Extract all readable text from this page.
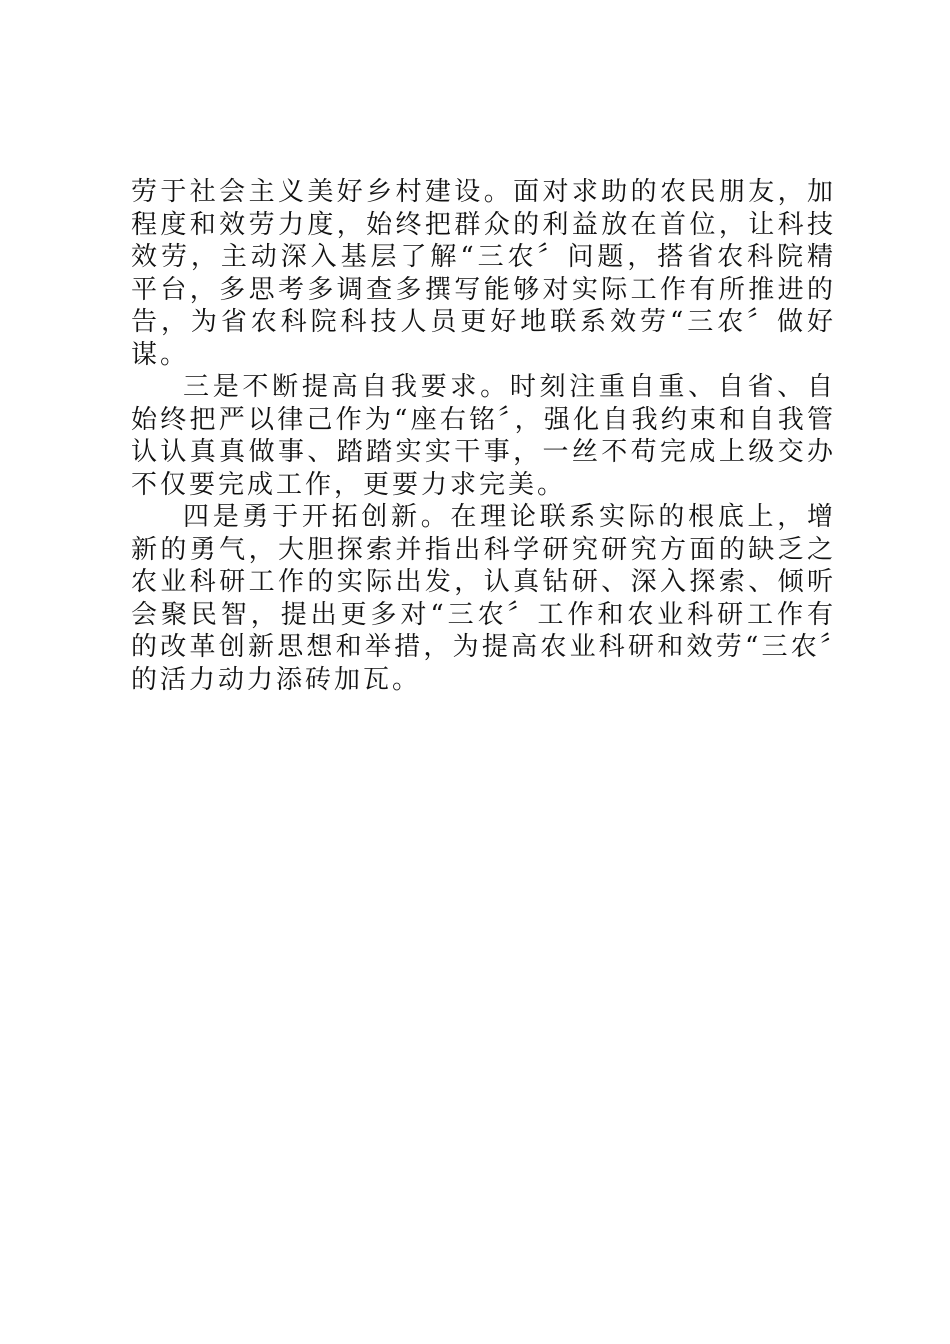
劳于社会主义美好乡村建设。面对求助的农民朋友，加
程度和效劳力度，始终把群众的利益放在首位，让科技
效劳，主动深入基层了解“三农〞问题，搭省农科院精
平台，多思考多调查多撰写能够对实际工作有所推进的
告，为省农科院科技人员更好地联系效劳“三农〞做好
谋。
三是不断提高自我要求。时刻注重自重、自省、自
始终把严以律己作为“座右铭〞，强化自我约束和自我管
认认真真做事、踏踏实实干事，一丝不苟完成上级交办
不仅要完成工作，更要力求完美。
四是勇于开拓创新。在理论联系实际的根底上，增
新的勇气，大胆探索并指出科学研究研究方面的缺乏之
农业科研工作的实际出发，认真钻研、深入探索、倾听
会聚民智，提出更多对“三农〞工作和农业科研工作有
的改革创新思想和举措，为提高农业科研和效劳“三农〞
的活力动力添砖加瓦。
